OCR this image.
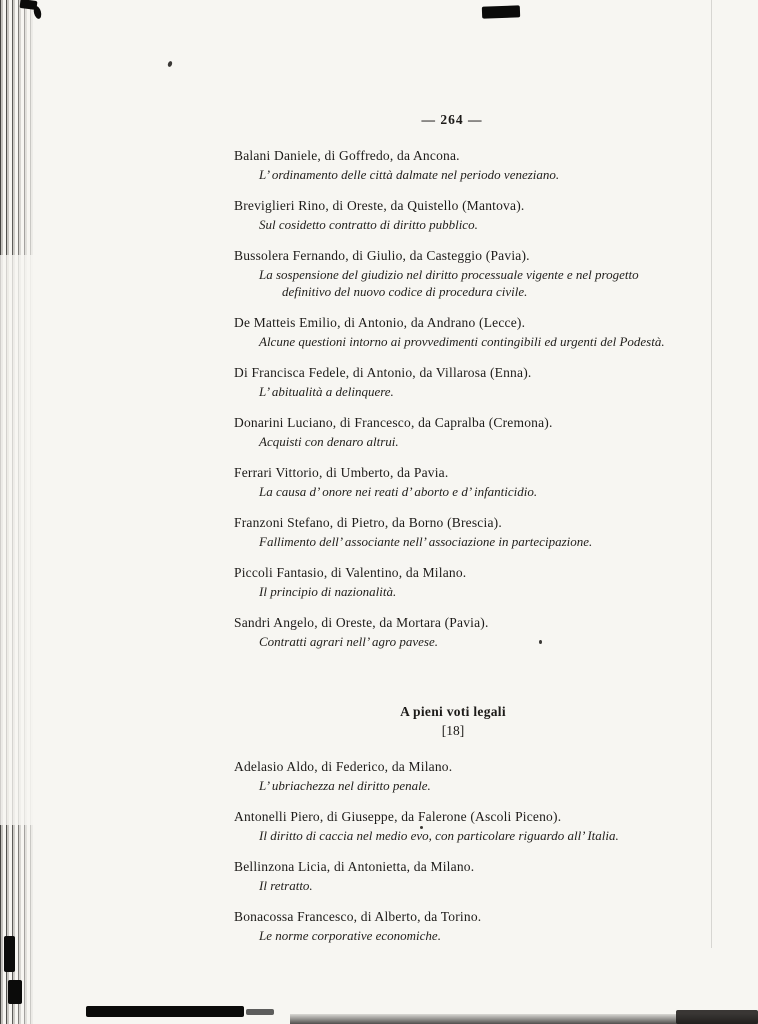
— 264 —
Balani Daniele, di Goffredo, da Ancona.
L’ ordinamento delle città dalmate nel periodo veneziano.
Breviglieri Rino, di Oreste, da Quistello (Mantova).
Sul cosidetto contratto di diritto pubblico.
Bussolera Fernando, di Giulio, da Casteggio (Pavia).
La sospensione del giudizio nel diritto processuale vigente e nel progetto definitivo del nuovo codice di procedura civile.
De Matteis Emilio, di Antonio, da Andrano (Lecce).
Alcune questioni intorno ai provvedimenti contingibili ed urgenti del Podestà.
Di Francisca Fedele, di Antonio, da Villarosa (Enna).
L’ abitualità a delinquere.
Donarini Luciano, di Francesco, da Capralba (Cremona).
Acquisti con denaro altrui.
Ferrari Vittorio, di Umberto, da Pavia.
La causa d’ onore nei reati d’ aborto e d’ infanticidio.
Franzoni Stefano, di Pietro, da Borno (Brescia).
Fallimento dell’ associante nell’ associazione in partecipazione.
Piccoli Fantasio, di Valentino, da Milano.
Il principio di nazionalità.
Sandri Angelo, di Oreste, da Mortara (Pavia).
Contratti agrari nell’ agro pavese.
A pieni voti legali
[18]
Adelasio Aldo, di Federico, da Milano.
L’ ubriachezza nel diritto penale.
Antonelli Piero, di Giuseppe, da Falerone (Ascoli Piceno).
Il diritto di caccia nel medio evo, con particolare riguardo all’ Italia.
Bellinzona Licia, di Antonietta, da Milano.
Il retratto.
Bonacossa Francesco, di Alberto, da Torino.
Le norme corporative economiche.
